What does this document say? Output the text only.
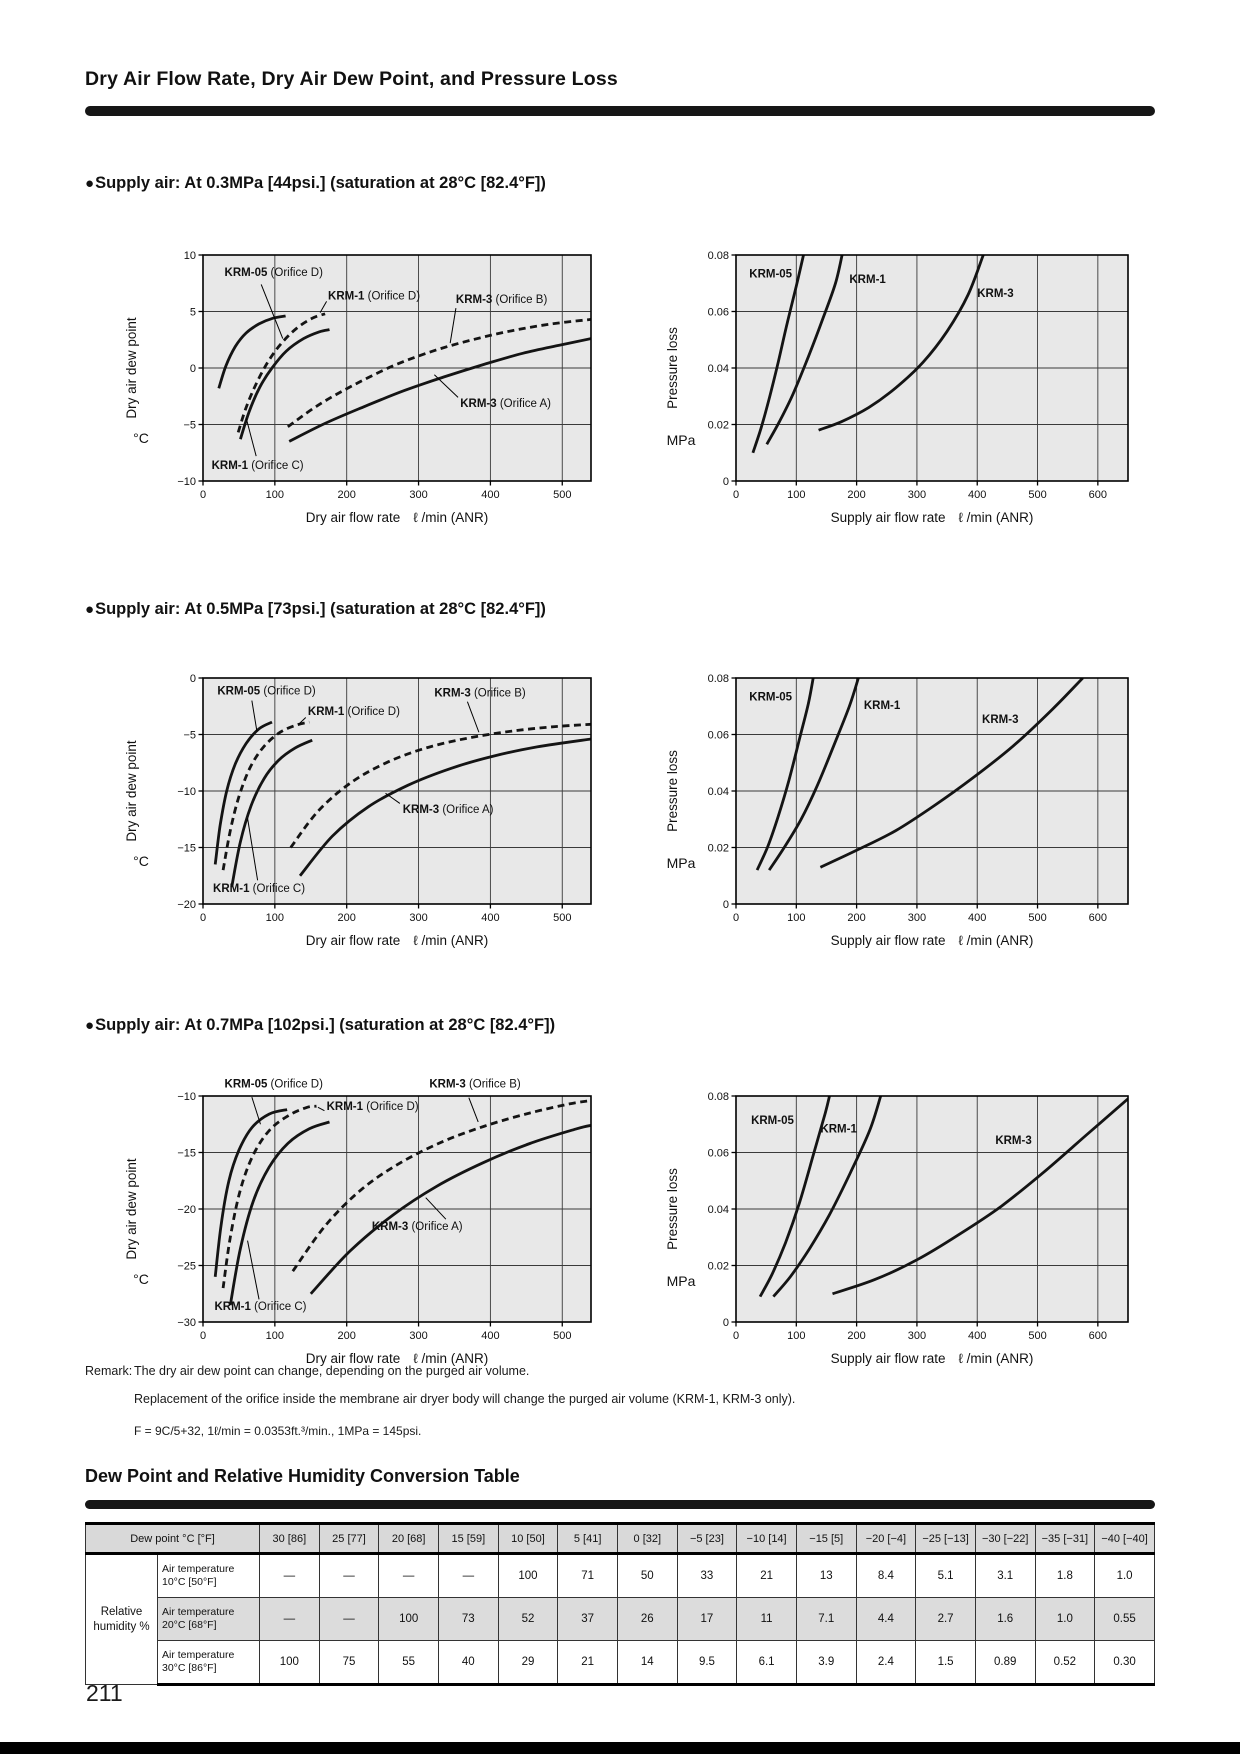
Dry Air Flow Rate, Dry Air Dew Point, and Pressure Loss
●Supply air: At 0.3MPa [44psi.] (saturation at 28°C [82.4°F])
0	100	200	300	400	500
10
5
0
−5
−10
KRM-05 (Orifice D)
KRM-1 (Orifice D)	KRM-3 (Orifice B)
KRM-3 (Orifice A)
KRM-1 (Orifice C)
Dry air flow rate ℓ /min (ANR)
Dry air dew point
°C
0	100	200	300	400	500	600
0.08
0.06
0.04
0.02
0
KRM-05	KRM-1
KRM-3
Supply air flow rate ℓ /min (ANR)
Pressure loss
MPa
●Supply air: At 0.5MPa [73psi.] (saturation at 28°C [82.4°F])
0	100	200	300	400	500
0
−5
−10
−15
−20
KRM-05 (Orifice D)
KRM-1 (Orifice D)
KRM-3 (Orifice B)
KRM-3 (Orifice A)
KRM-1 (Orifice C)
Dry air flow rate ℓ /min (ANR)
Dry air dew point
°C
0	100	200	300	400	500	600
0.08
0.06
0.04
0.02
0
KRM-05
KRM-1
KRM-3
Supply air flow rate ℓ /min (ANR)
Pressure loss
MPa
●Supply air: At 0.7MPa [102psi.] (saturation at 28°C [82.4°F])
0	100	200	300	400	500
−10
−15
−20
−25
−30
KRM-05 (Orifice D)	KRM-3 (Orifice B)
KRM-1 (Orifice D)
KRM-3 (Orifice A)
KRM-1 (Orifice C)
Dry air flow rate ℓ /min (ANR)
Dry air dew point
°C
0	100	200	300	400	500	600
0.08
0.06
0.04
0.02
0
KRM-05
KRM-1
KRM-3
Supply air flow rate ℓ /min (ANR)
Pressure loss
MPa
Remark: The dry air dew point can change, depending on the purged air volume.
Replacement of the orifice inside the membrane air dryer body will change the purged air volume (KRM-1, KRM-3 only).
F = 9C/5+32, 1ℓ/min = 0.0353ft.³/min., 1MPa = 145psi.
Dew Point and Relative Humidity Conversion Table
Dew point °C [°F]		30 [86]	25 [77]	20 [68]	15 [59]	10 [50]	5 [41]	0 [32]	−5 [23]	−10 [14]	−15 [5]	−20 [−4]	−25 [−13]	−30 [−22]	−35 [−31]	−40 [−40]
Relative humidity %	Air temperature 10°C [50°F]	—	—	—	—	100	71	50	33	21	13	8.4	5.1	3.1	1.8	1.0
	Air temperature 20°C [68°F]	—	—	100	73	52	37	26	17	11	7.1	4.4	2.7	1.6	1.0	0.55
	Air temperature 30°C [86°F]	100	75	55	40	29	21	14	9.5	6.1	3.9	2.4	1.5	0.89	0.52	0.30
211
